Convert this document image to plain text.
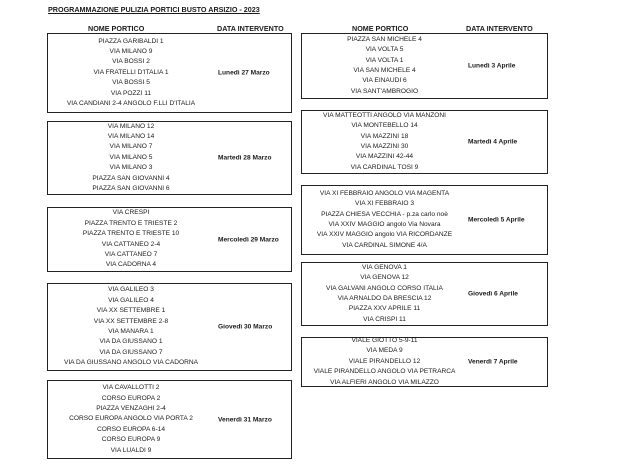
PROGRAMMAZIONE PULIZIA PORTICI BUSTO ARSIZIO - 2023
NOME PORTICO	DATA INTERVENTO	NOME PORTICO	DATA INTERVENTO
PIAZZA GARIBALDI 1
VIA MILANO 9
VIA BOSSI 2
VIA FRATELLI D'ITALIA 1
VIA BOSSI 5
VIA POZZI 11
VIA CANDIANI 2-4 ANGOLO F.LLI D'ITALIA
Lunedì 27 Marzo
VIA MILANO 12
VIA MILANO 14
VIA MILANO 7
VIA MILANO 5
VIA MILANO 3
PIAZZA SAN GIOVANNI 4
PIAZZA SAN GIOVANNI 6
Martedì 28 Marzo
VIA CRESPI
PIAZZA TRENTO E TRIESTE 2
PIAZZA TRENTO E TRIESTE 10
VIA CATTANEO 2-4
VIA CATTANEO 7
VIA CADORNA 4
Mercoledì 29 Marzo
VIA GALILEO 3
VIA GALILEO 4
VIA XX SETTEMBRE 1
VIA XX SETTEMBRE 2-8
VIA MANARA 1
VIA DA GIUSSANO 1
VIA DA GIUSSANO 7
VIA DA GIUSSANO ANGOLO VIA CADORNA
Giovedì 30 Marzo
VIA CAVALLOTTI 2
CORSO EUROPA 2
PIAZZA VENZAGHI 2-4
CORSO EUROPA ANGOLO VIA PORTA 2
CORSO EUROPA 6-14
CORSO EUROPA 9
VIA LUALDI 9
Venerdì 31 Marzo
PIAZZA SAN MICHELE 4
VIA VOLTA 5
VIA VOLTA 1
VIA SAN MICHELE 4
VIA EINAUDI 6
VIA SANT'AMBROGIO
Lunedì 3 Aprile
VIA MATTEOTTI ANGOLO VIA MANZONI
VIA MONTEBELLO 14
VIA MAZZINI 18
VIA MAZZINI 30
VIA MAZZINI 42-44
VIA CARDINAL TOSI 9
Martedì 4 Aprile
VIA XI FEBBRAIO ANGOLO VIA MAGENTA
VIA XI FEBBRAIO 3
PIAZZA CHIESA VECCHIA - p.za carlo noè
VIA XXIV MAGGIO angolo Via Novara
VIA XXIV MAGGIO angolo VIA RICORDANZE
VIA CARDINAL SIMONE 4/A
Mercoledì 5 Aprile
VIA GENOVA 1
VIA GENOVA 12
VIA GALVANI ANGOLO CORSO ITALIA
VIA ARNALDO DA BRESCIA 12
PIAZZA XXV APRILE 11
VIA CRISPI 11
Giovedì 6 Aprile
VIALE GIOTTO 5-9-11
VIA MEDA 9
VIALE PIRANDELLO 12
VIALE PIRANDELLO ANGOLO VIA PETRARCA
VIA ALFIERI ANGOLO VIA MILAZZO
Venerdì 7 Aprile
